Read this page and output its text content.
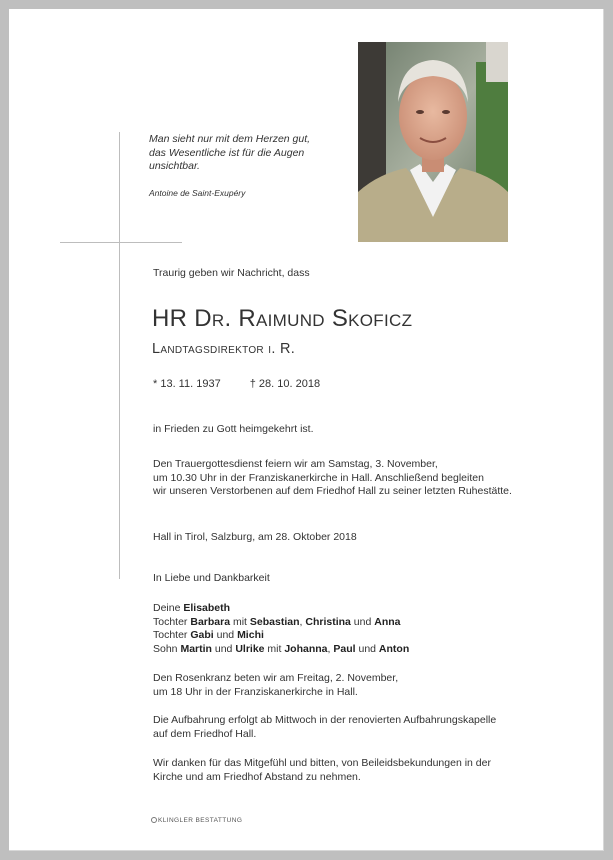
Man sieht nur mit dem Herzen gut,
das Wesentliche ist für die Augen
unsichtbar.
Antoine de Saint-Exupéry
Traurig geben wir Nachricht, dass
HR Dr. Raimund Skoficz
Landtagsdirektor i. R.
* 13. 11. 1937	† 28. 10. 2018
in Frieden zu Gott heimgekehrt ist.
Den Trauergottesdienst feiern wir am Samstag, 3. November,
um 10.30 Uhr in der Franziskanerkirche in Hall. Anschließend begleiten
wir unseren Verstorbenen auf dem Friedhof Hall zu seiner letzten Ruhestätte.
Hall in Tirol, Salzburg, am 28. Oktober 2018
In Liebe und Dankbarkeit
Deine Elisabeth
Tochter Barbara mit Sebastian, Christina und Anna
Tochter Gabi und Michi
Sohn Martin und Ulrike mit Johanna, Paul und Anton
Den Rosenkranz beten wir am Freitag, 2. November,
um 18 Uhr in der Franziskanerkirche in Hall.
Die Aufbahrung erfolgt ab Mittwoch in der renovierten Aufbahrungskapelle
auf dem Friedhof Hall.
Wir danken für das Mitgefühl und bitten, von Beileidsbekundungen in der
Kirche und am Friedhof Abstand zu nehmen.
KLINGLER BESTATTUNG
